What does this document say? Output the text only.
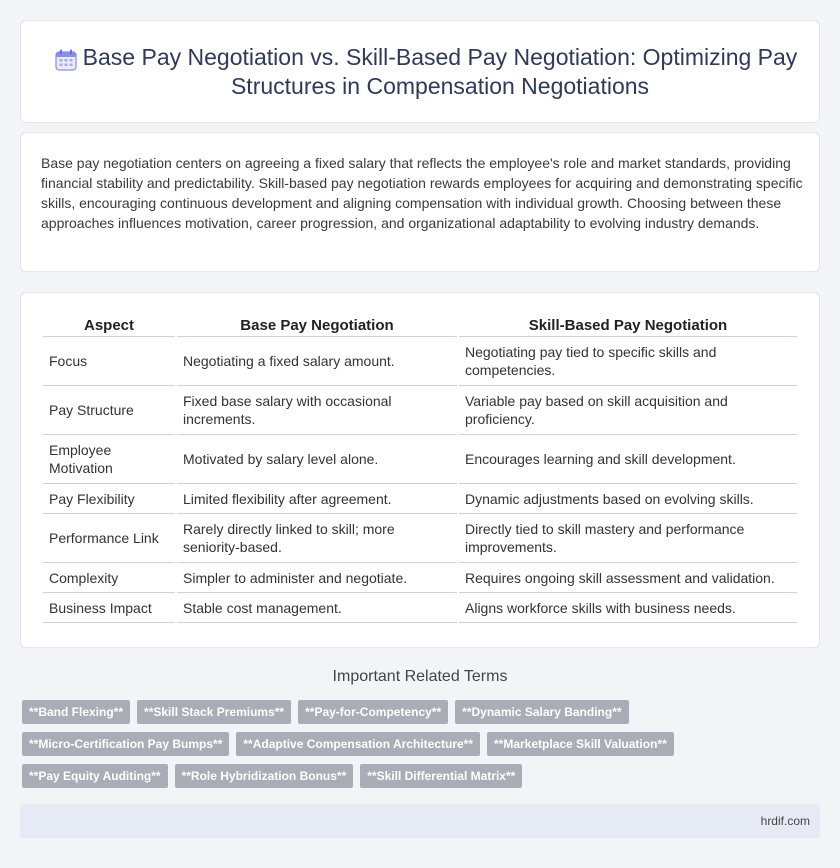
Base Pay Negotiation vs. Skill-Based Pay Negotiation: Optimizing Pay Structures in Compensation Negotiations

Base pay negotiation centers on agreeing a fixed salary that reflects the employee's role and market standards, providing financial stability and predictability. Skill-based pay negotiation rewards employees for acquiring and demonstrating specific skills, encouraging continuous development and aligning compensation with individual growth. Choosing between these approaches influences motivation, career progression, and organizational adaptability to evolving industry demands.

Aspect	Base Pay Negotiation	Skill-Based Pay Negotiation
Focus	Negotiating a fixed salary amount.	Negotiating pay tied to specific skills and competencies.
Pay Structure	Fixed base salary with occasional increments.	Variable pay based on skill acquisition and proficiency.
Employee Motivation	Motivated by salary level alone.	Encourages learning and skill development.
Pay Flexibility	Limited flexibility after agreement.	Dynamic adjustments based on evolving skills.
Performance Link	Rarely directly linked to skill; more seniority-based.	Directly tied to skill mastery and performance improvements.
Complexity	Simpler to administer and negotiate.	Requires ongoing skill assessment and validation.
Business Impact	Stable cost management.	Aligns workforce skills with business needs.
Important Related Terms
**Band Flexing**	**Skill Stack Premiums**	**Pay-for-Competency**	**Dynamic Salary Banding**
**Micro-Certification Pay Bumps**	**Adaptive Compensation Architecture**	**Marketplace Skill Valuation**
**Pay Equity Auditing**	**Role Hybridization Bonus**	**Skill Differential Matrix**
hrdif.com
